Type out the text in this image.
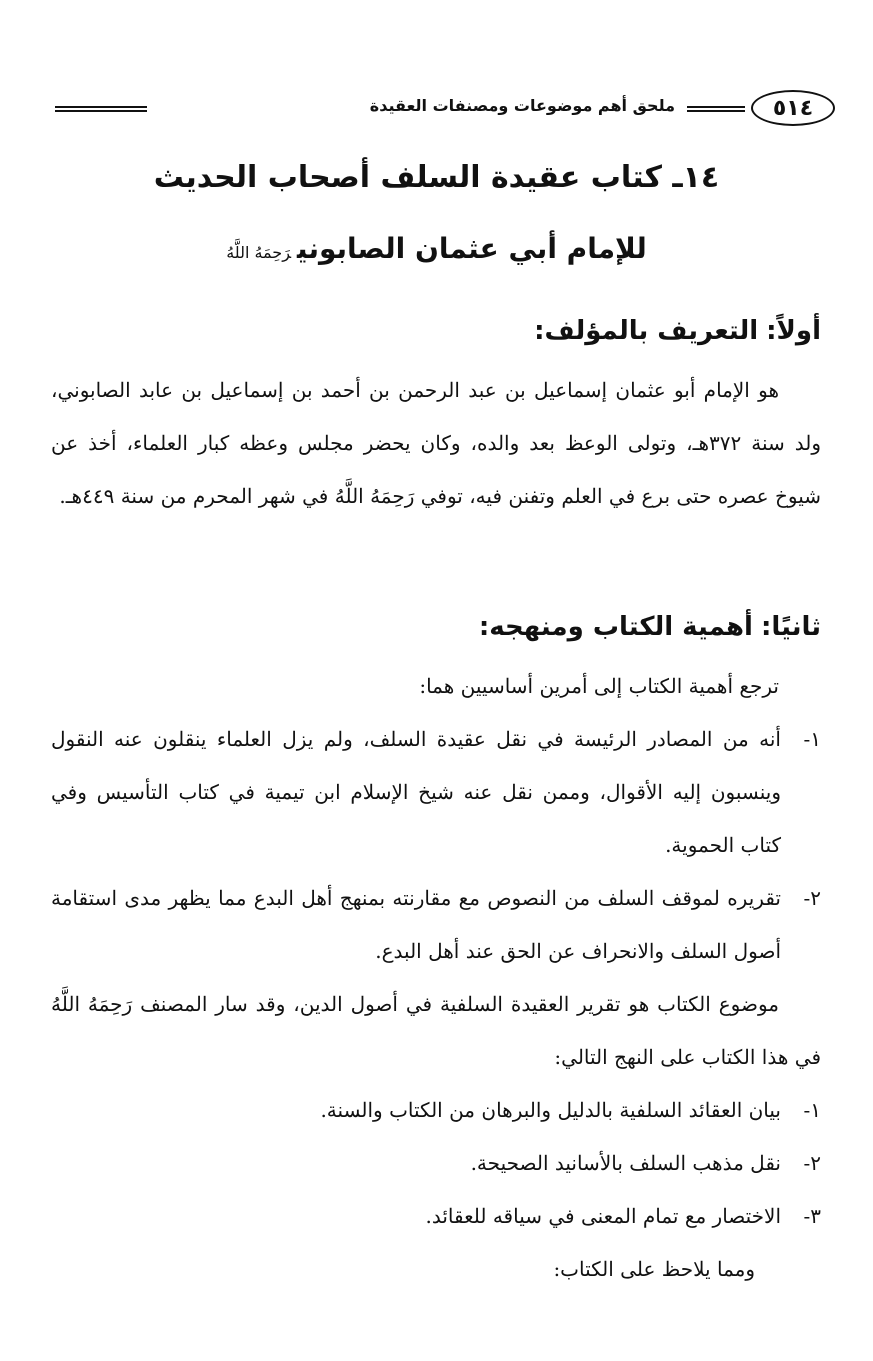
٥١٤
ملحق أهم موضوعات ومصنفات العقيدة
١٤ـ كتاب عقيدة السلف أصحاب الحديث
للإمام أبي عثمان الصابونيرَحِمَهُ اللَّهُ
أولاً:التعريف بالمؤلف:

هو الإمام أبو عثمان إسماعيل بن عبد الرحمن بن أحمد بن إسماعيل بن عابد الصابوني، ولد سنة ٣٧٢هـ، وتولى الوعظ بعد والده، وكان يحضر مجلس وعظه كبار العلماء، أخذ عن شيوخ عصره حتى برع في العلم وتفنن فيه، توفي رَحِمَهُ اللَّهُ في شهر المحرم من سنة ٤٤٩هـ.

ثانيًا:أهمية الكتاب ومنهجه:

ترجع أهمية الكتاب إلى أمرين أساسيين هما:

١-
أنه من المصادر الرئيسة في نقل عقيدة السلف، ولم يزل العلماء ينقلون عنه النقول وينسبون إليه الأقوال، وممن نقل عنه شيخ الإسلام ابن تيمية في كتاب التأسيس وفي كتاب الحموية.
٢-
تقريره لموقف السلف من النصوص مع مقارنته بمنهج أهل البدع مما يظهر مدى استقامة أصول السلف والانحراف عن الحق عند أهل البدع.

موضوع الكتاب هو تقرير العقيدة السلفية في أصول الدين، وقد سار المصنف رَحِمَهُ اللَّهُ في هذا الكتاب على النهج التالي:

١-
بيان العقائد السلفية بالدليل والبرهان من الكتاب والسنة.
٢-
نقل مذهب السلف بالأسانيد الصحيحة.
٣-
الاختصار مع تمام المعنى في سياقه للعقائد.

ومما يلاحظ على الكتاب:
